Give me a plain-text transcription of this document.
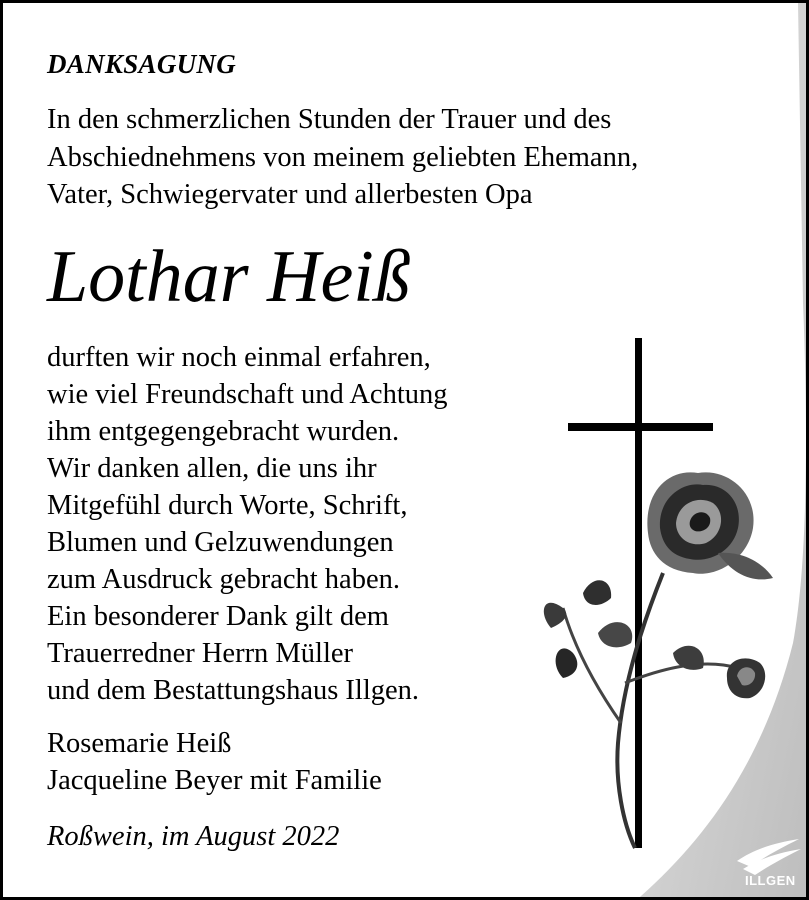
DANKSAGUNG
In den schmerzlichen Stunden der Trauer und des
Abschiednehmens von meinem geliebten Ehemann,
Vater, Schwiegervater und allerbesten Opa
Lothar Heiß
durften wir noch einmal erfahren,
wie viel Freundschaft und Achtung
ihm entgegengebracht wurden.
Wir danken allen, die uns ihr
Mitgefühl durch Worte, Schrift,
Blumen und Gelzuwendungen
zum Ausdruck gebracht haben.
Ein besonderer Dank gilt dem
Trauerredner Herrn Müller
und dem Bestattungshaus Illgen.
Rosemarie Heiß
Jacqueline Beyer mit Familie
Roßwein, im August 2022
ILLGEN
